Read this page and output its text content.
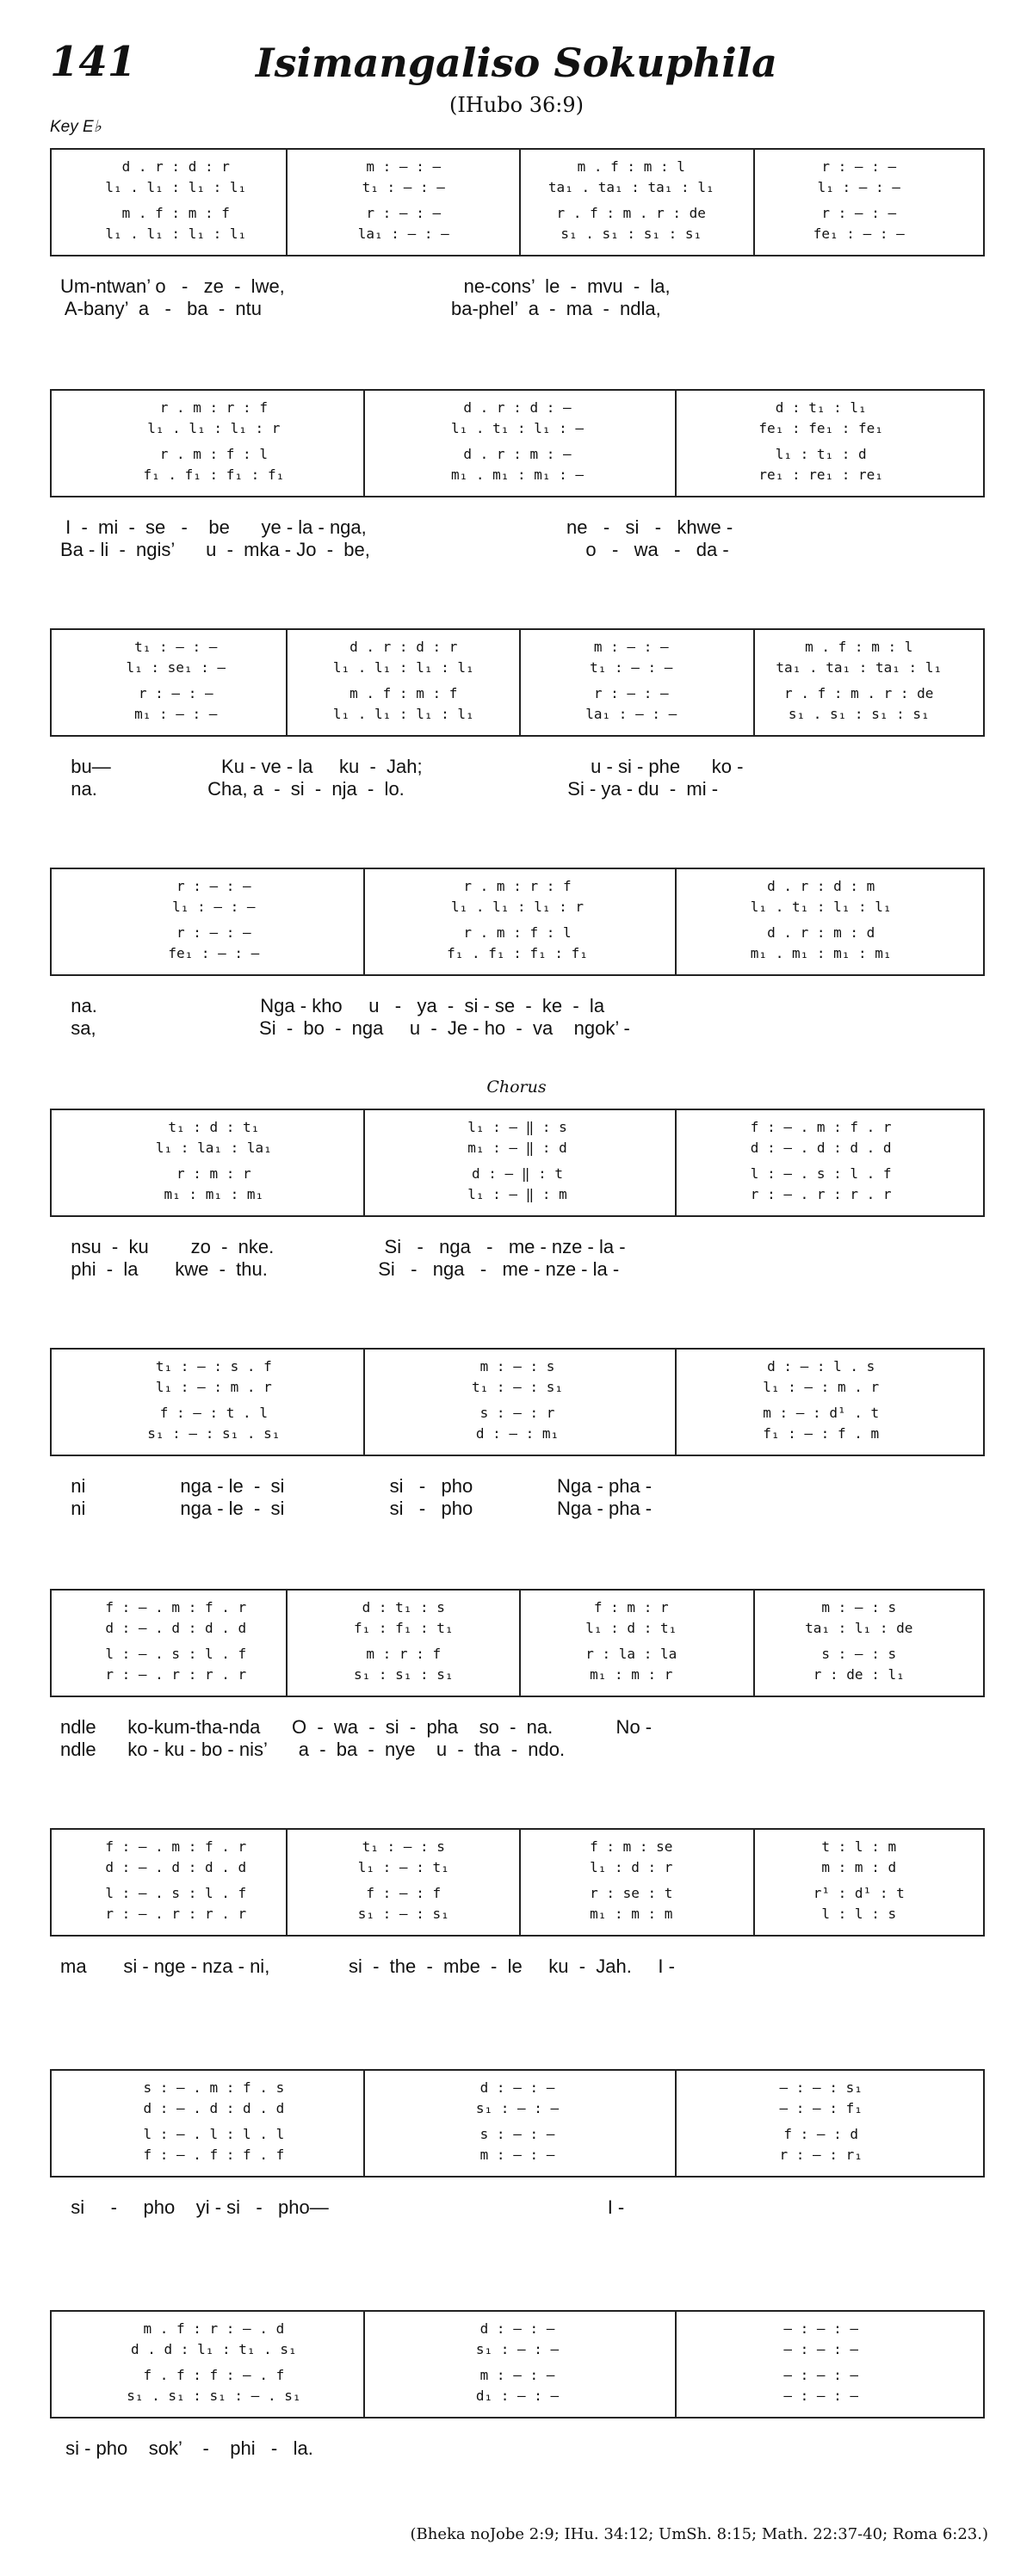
141	Isimangaliso Sokuphila
(IHubo 36:9)
Key E♭
Chorus
d . r : d : r	m : — : —	m . f : m : l	r : — : —
l₁ . l₁ : l₁ : l₁	t₁ : — : —	ta₁ . ta₁ : ta₁ : l₁	l₁ : — : —
m . f : m : f	r : — : —	r . f : m . r : de	r : — : —
l₁ . l₁ : l₁ : l₁	la₁ : — : —	s₁ . s₁ : s₁ : s₁	fe₁ : — : —
Um-ntwan’ o   -   ze  -  lwe,                                  ne-cons’  le  -  mvu  -  la,
A-bany’  a   -   ba  -  ntu                                    ba-phel’  a  -  ma  -  ndla,
r . m : r : f	d . r : d : —	d : t₁ : l₁
l₁ . l₁ : l₁ : r	l₁ . t₁ : l₁ : —	fe₁ : fe₁ : fe₁
r . m : f : l	d . r : m : —	l₁ : t₁ : d
f₁ . f₁ : f₁ : f₁	m₁ . m₁ : m₁ : —	re₁ : re₁ : re₁
I  -  mi  -  se   -    be      ye - la - nga,                                      ne   -   si   -   khwe -
Ba - li  -  ngis’      u  -  mka - Jo  -  be,                                         o   -   wa   -   da -
t₁ : — : —	d . r : d : r	m : — : —	m . f : m : l
l₁ : se₁ : —	l₁ . l₁ : l₁ : l₁	t₁ : — : —	ta₁ . ta₁ : ta₁ : l₁
r : — : —	m . f : m : f	r : — : —	r . f : m . r : de
m₁ : — : —	l₁ . l₁ : l₁ : l₁	la₁ : — : —	s₁ . s₁ : s₁ : s₁
bu—                     Ku - ve - la     ku  -  Jah;                                u - si - phe      ko -
na.                     Cha, a  -  si  -  nja  -  lo.                               Si - ya - du  -  mi -
r : — : —	r . m : r : f	d . r : d : m
l₁ : — : —	l₁ . l₁ : l₁ : r	l₁ . t₁ : l₁ : l₁
r : — : —	r . m : f : l	d . r : m : d
fe₁ : — : —	f₁ . f₁ : f₁ : f₁	m₁ . m₁ : m₁ : m₁
na.                               Nga - kho     u   -   ya  -  si - se  -  ke  -  la
sa,                               Si  -  bo  -  nga     u  -  Je - ho  -  va    ngok’ -
t₁ : d : t₁	l₁ : — ‖ : s	f : – . m : f . r
l₁ : la₁ : la₁	m₁ : — ‖ : d	d : – . d : d . d
r : m : r	d : — ‖ : t	l : – . s : l . f
m₁ : m₁ : m₁	l₁ : — ‖ : m	r : – . r : r . r
nsu  -  ku        zo  -  nke.                     Si   -   nga   -   me - nze - la -
phi  -  la       kwe  -  thu.                     Si   -   nga   -   me - nze - la -
t₁ : — : s . f	m : — : s	d : — : l . s
l₁ : — : m . r	t₁ : — : s₁	l₁ : — : m . r
f : — : t . l	s : — : r	m : — : d¹ . t
s₁ : — : s₁ . s₁	d : — : m₁	f₁ : — : f . m
ni                  nga - le  -  si                    si   -   pho                Nga - pha -
ni                  nga - le  -  si                    si   -   pho                Nga - pha -
f : – . m : f . r	d : t₁ : s	f : m : r	m : — : s
d : – . d : d . d	f₁ : f₁ : t₁	l₁ : d : t₁	ta₁ : l₁ : de
l : – . s : l . f	m : r : f	r : la : la	s : — : s
r : – . r : r . r	s₁ : s₁ : s₁	m₁ : m : r	r : de : l₁
ndle      ko-kum-tha-nda      O  -  wa  -  si  -  pha    so  -  na.            No -
ndle      ko - ku - bo - nis’      a  -  ba  -  nye    u  -  tha  -  ndo.
f : – . m : f . r	t₁ : — : s	f : m : se	t : l : m
d : – . d : d . d	l₁ : — : t₁	l₁ : d : r	m : m : d
l : – . s : l . f	f : — : f	r : se : t	r¹ : d¹ : t
r : – . r : r . r	s₁ : — : s₁	m₁ : m : m	l : l : s
ma       si - nge - nza - ni,               si  -  the  -  mbe  -  le     ku  -  Jah.     I -
s : – . m : f . s	d : — : —	— : — : s₁
d : – . d : d . d	s₁ : — : —	— : — : f₁
l : – . l : l . l	s : — : —	f : — : d
f : – . f : f . f	m : — : —	r : — : r₁
si     -     pho    yi - si   -   pho—                                                     I -
m . f : r : – . d	d : — : —	— : — : —
d . d : l₁ : t₁ . s₁	s₁ : — : —	— : — : —
f . f : f : – . f	m : — : —	— : — : —
s₁ . s₁ : s₁ : – . s₁	d₁ : — : —	— : — : —
si - pho    sok’    -    phi   -   la.
(Bheka noJobe 2:9; IHu. 34:12; UmSh. 8:15; Math. 22:37-40; Roma 6:23.)
